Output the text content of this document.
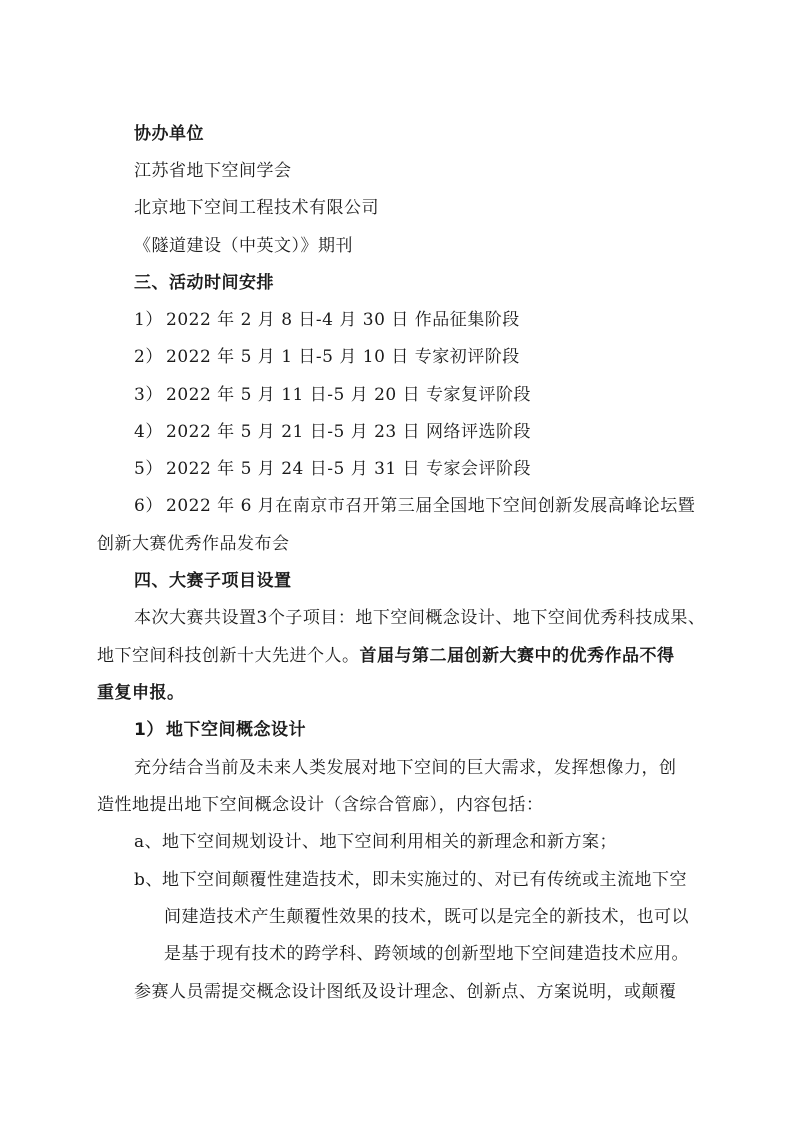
协办单位
江苏省地下空间学会
北京地下空间工程技术有限公司
《隧道建设（中英文）》期刊
三、活动时间安排
1） 2022 年 2 月 8 日-4 月 30 日 作品征集阶段
2） 2022 年 5 月 1 日-5 月 10 日 专家初评阶段
3） 2022 年 5 月 11 日-5 月 20 日 专家复评阶段
4） 2022 年 5 月 21 日-5 月 23 日 网络评选阶段
5） 2022 年 5 月 24 日-5 月 31 日 专家会评阶段
6） 2022 年 6 月在南京市召开第三届全国地下空间创新发展高峰论坛暨
创新大赛优秀作品发布会
四、大赛子项目设置
本次大赛共设置3个子项目：地下空间概念设计、地下空间优秀科技成果、
地下空间科技创新十大先进个人。首届与第二届创新大赛中的优秀作品不得
重复申报。
1） 地下空间概念设计
充分结合当前及未来人类发展对地下空间的巨大需求，发挥想像力，创
造性地提出地下空间概念设计（含综合管廊），内容包括：
a、地下空间规划设计、地下空间利用相关的新理念和新方案；
b、地下空间颠覆性建造技术，即未实施过的、对已有传统或主流地下空
间建造技术产生颠覆性效果的技术，既可以是完全的新技术，也可以
是基于现有技术的跨学科、跨领域的创新型地下空间建造技术应用。
参赛人员需提交概念设计图纸及设计理念、创新点、方案说明，或颠覆
